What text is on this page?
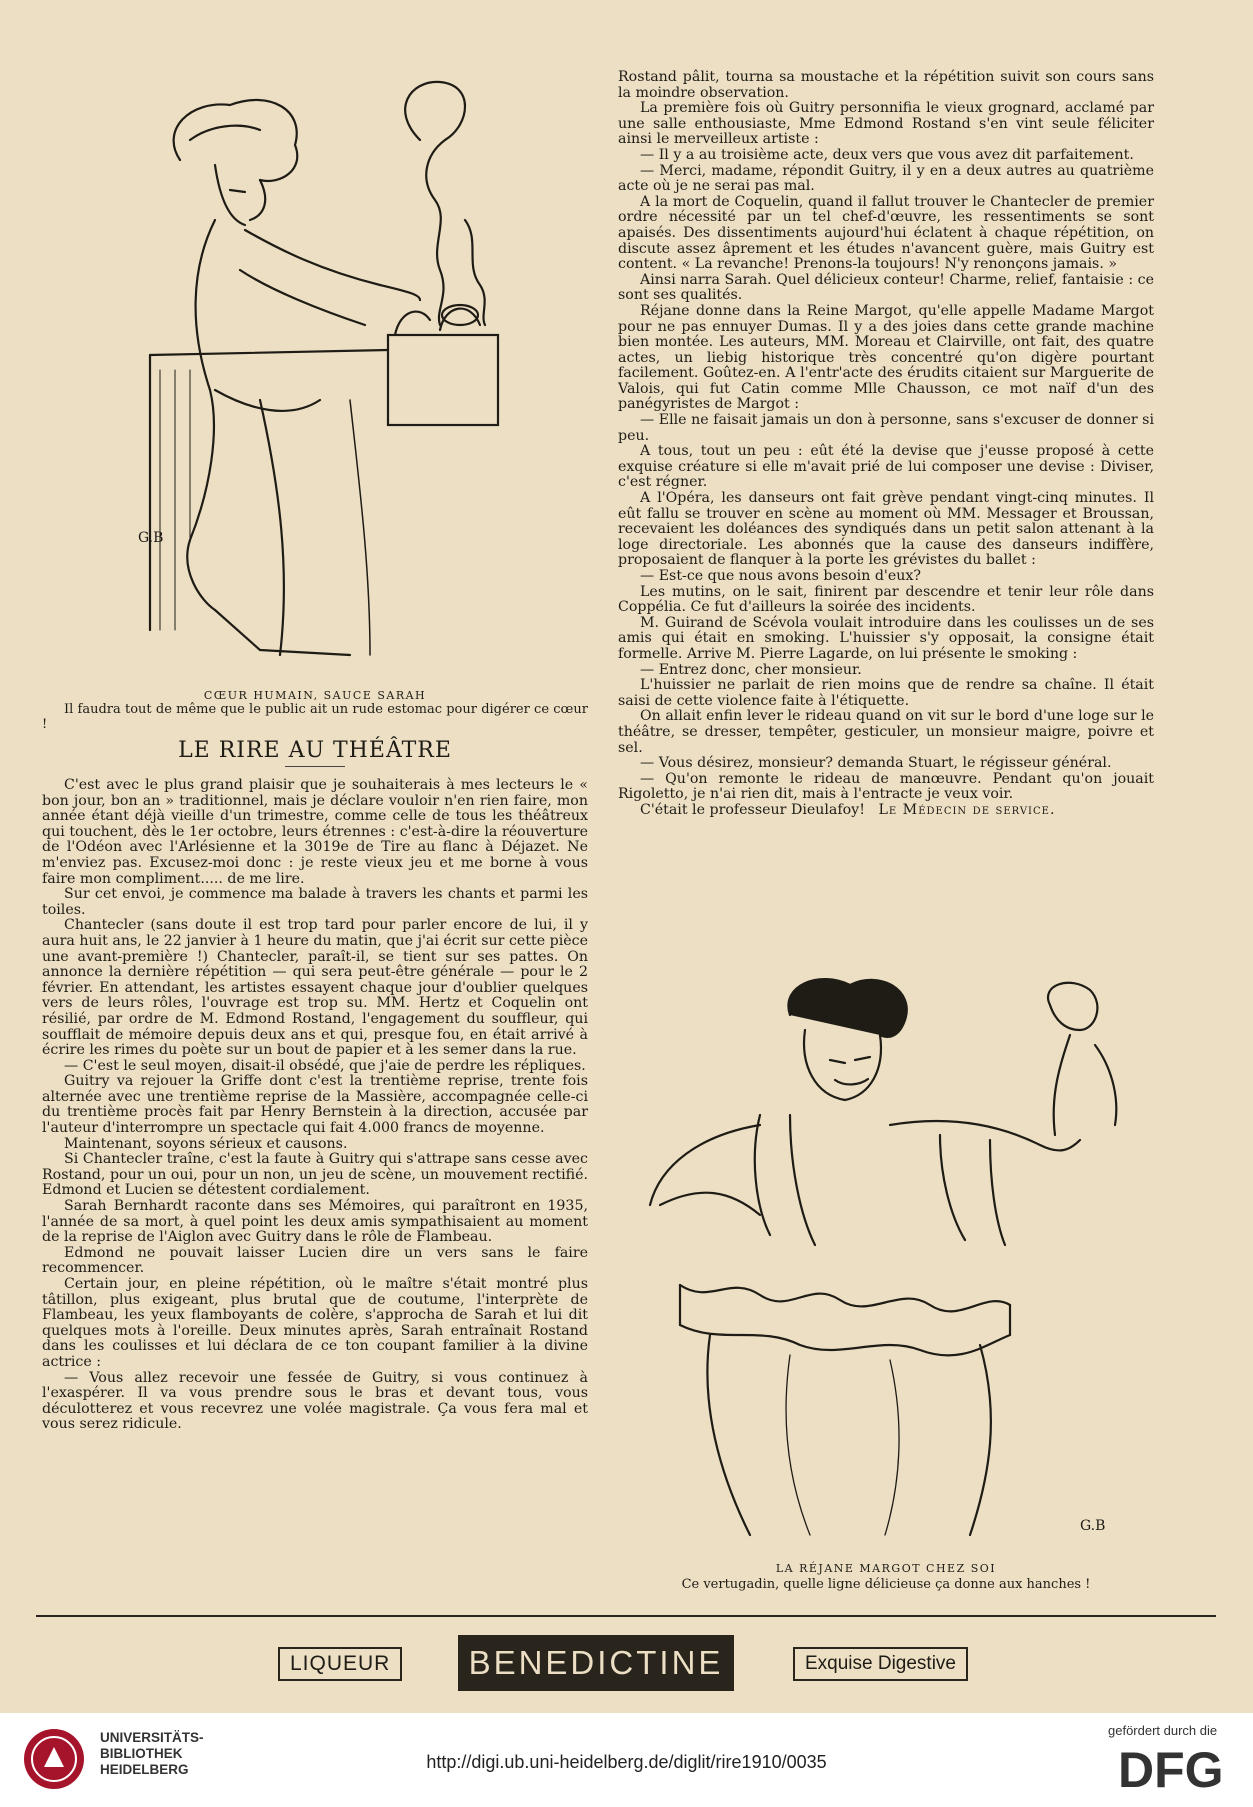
G.B
CŒUR HUMAIN, SAUCE SARAH
Il faudra tout de même que le public ait un rude estomac pour digérer ce cœur !
LE RIRE AU THÉÂTRE

C'est avec le plus grand plaisir que je souhaiterais à mes lecteurs le « bon jour, bon an » traditionnel, mais je déclare vouloir n'en rien faire, mon année étant déjà vieille d'un trimestre, comme celle de tous les théâtreux qui touchent, dès le 1er octobre, leurs étrennes : c'est-à-dire la réouverture de l'Odéon avec l'Arlésienne et la 3019e de Tire au flanc à Déjazet. Ne m'enviez pas. Excusez-moi donc : je reste vieux jeu et me borne à vous faire mon compliment..... de me lire.

Sur cet envoi, je commence ma balade à travers les chants et parmi les toiles.

Chantecler (sans doute il est trop tard pour parler encore de lui, il y aura huit ans, le 22 janvier à 1 heure du matin, que j'ai écrit sur cette pièce une avant-première !) Chantecler, paraît-il, se tient sur ses pattes. On annonce la dernière répétition — qui sera peut-être générale — pour le 2 février. En attendant, les artistes essayent chaque jour d'oublier quelques vers de leurs rôles, l'ouvrage est trop su. MM. Hertz et Coquelin ont résilié, par ordre de M. Edmond Rostand, l'engagement du souffleur, qui soufflait de mémoire depuis deux ans et qui, presque fou, en était arrivé à écrire les rimes du poète sur un bout de papier et à les semer dans la rue.

— C'est le seul moyen, disait-il obsédé, que j'aie de perdre les répliques.

Guitry va rejouer la Griffe dont c'est la trentième reprise, trente fois alternée avec une trentième reprise de la Massière, accompagnée celle-ci du trentième procès fait par Henry Bernstein à la direction, accusée par l'auteur d'interrompre un spectacle qui fait 4.000 francs de moyenne.

Maintenant, soyons sérieux et causons.

Si Chantecler traîne, c'est la faute à Guitry qui s'attrape sans cesse avec Rostand, pour un oui, pour un non, un jeu de scène, un mouvement rectifié. Edmond et Lucien se détestent cordialement.

Sarah Bernhardt raconte dans ses Mémoires, qui paraîtront en 1935, l'année de sa mort, à quel point les deux amis sympathisaient au moment de la reprise de l'Aiglon avec Guitry dans le rôle de Flambeau.

Edmond ne pouvait laisser Lucien dire un vers sans le faire recommencer.

Certain jour, en pleine répétition, où le maître s'était montré plus tâtillon, plus exigeant, plus brutal que de coutume, l'interprète de Flambeau, les yeux flamboyants de colère, s'approcha de Sarah et lui dit quelques mots à l'oreille. Deux minutes après, Sarah entraînait Rostand dans les coulisses et lui déclara de ce ton coupant familier à la divine actrice :

— Vous allez recevoir une fessée de Guitry, si vous continuez à l'exaspérer. Il va vous prendre sous le bras et devant tous, vous déculotterez et vous recevrez une volée magistrale. Ça vous fera mal et vous serez ridicule.

Rostand pâlit, tourna sa moustache et la répétition suivit son cours sans la moindre observation.

La première fois où Guitry personnifia le vieux grognard, acclamé par une salle enthousiaste, Mme Edmond Rostand s'en vint seule féliciter ainsi le merveilleux artiste :

— Il y a au troisième acte, deux vers que vous avez dit parfaitement.

— Merci, madame, répondit Guitry, il y en a deux autres au quatrième acte où je ne serai pas mal.

A la mort de Coquelin, quand il fallut trouver le Chantecler de premier ordre nécessité par un tel chef-d'œuvre, les ressentiments se sont apaisés. Des dissentiments aujourd'hui éclatent à chaque répétition, on discute assez âprement et les études n'avancent guère, mais Guitry est content. « La revanche! Prenons-la toujours! N'y renonçons jamais. »

Ainsi narra Sarah. Quel délicieux conteur! Charme, relief, fantaisie : ce sont ses qualités.

Réjane donne dans la Reine Margot, qu'elle appelle Madame Margot pour ne pas ennuyer Dumas. Il y a des joies dans cette grande machine bien montée. Les auteurs, MM. Moreau et Clairville, ont fait, des quatre actes, un liebig historique très concentré qu'on digère pourtant facilement. Goûtez-en. A l'entr'acte des érudits citaient sur Marguerite de Valois, qui fut Catin comme Mlle Chausson, ce mot naïf d'un des panégyristes de Margot :

— Elle ne faisait jamais un don à personne, sans s'excuser de donner si peu.

A tous, tout un peu : eût été la devise que j'eusse proposé à cette exquise créature si elle m'avait prié de lui composer une devise : Diviser, c'est régner.

A l'Opéra, les danseurs ont fait grève pendant vingt-cinq minutes. Il eût fallu se trouver en scène au moment où MM. Messager et Broussan, recevaient les doléances des syndiqués dans un petit salon attenant à la loge directoriale. Les abonnés que la cause des danseurs indiffère, proposaient de flanquer à la porte les grévistes du ballet :

— Est-ce que nous avons besoin d'eux?

Les mutins, on le sait, finirent par descendre et tenir leur rôle dans Coppélia. Ce fut d'ailleurs la soirée des incidents.

M. Guirand de Scévola voulait introduire dans les coulisses un de ses amis qui était en smoking. L'huissier s'y opposait, la consigne était formelle. Arrive M. Pierre Lagarde, on lui présente le smoking :

— Entrez donc, cher monsieur.

L'huissier ne parlait de rien moins que de rendre sa chaîne. Il était saisi de cette violence faite à l'étiquette.

On allait enfin lever le rideau quand on vit sur le bord d'une loge sur le théâtre, se dresser, tempêter, gesticuler, un monsieur maigre, poivre et sel.

— Vous désirez, monsieur? demanda Stuart, le régisseur général.

— Qu'on remonte le rideau de manœuvre. Pendant qu'on jouait Rigoletto, je n'ai rien dit, mais à l'entracte je veux voir.

C'était le professeur Dieulafoy! Le Médecin de service.

G.B
LA RÉJANE MARGOT CHEZ SOI
Ce vertugadin, quelle ligne délicieuse ça donne aux hanches !
LIQUEUR	BENEDICTINE	Exquise Digestive
UNIVERSITÄTS-
BIBLIOTHEK
HEIDELBERG	http://digi.ub.uni-heidelberg.de/diglit/rire1910/0035
gefördert durch die
DFG
